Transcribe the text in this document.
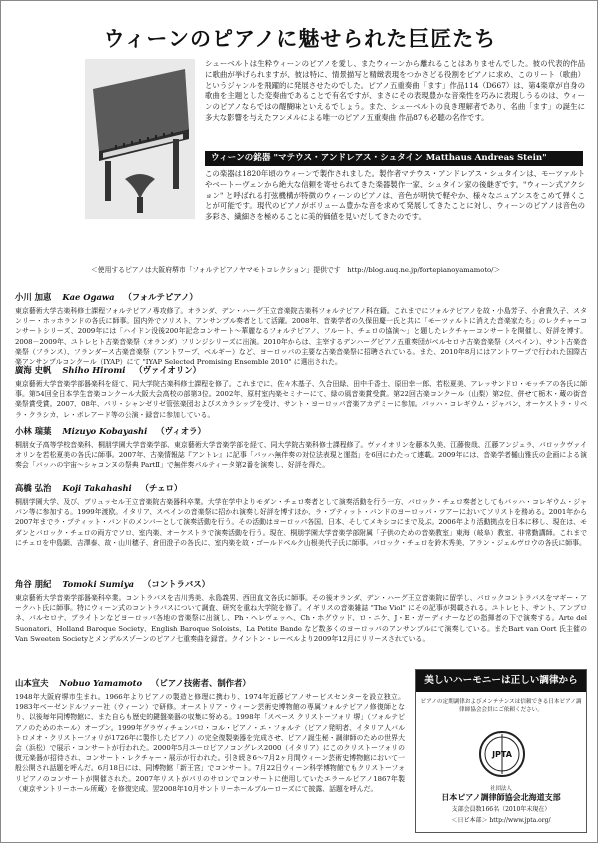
ウィーンのピアノに魅せられた巨匠たち
シューベルトは生粋ウィーンのピアノを愛し、またウィーンから離れることはありませんでした。彼の代表的作品に歌曲が挙げられますが、彼は特に、情景描写と精緻表現をつかさどる役割をピアノに求め、このリート（歌曲）というジャンルを飛躍的に発展させたのでした。ピアノ五重奏曲「ます」作品114（D667）は、第4楽章が自身の歌曲を主題とした変奏曲であることで有名ですが、まさにその表現豊かな音楽性を巧みに表現しうるのは、ウィーンのピアノならではの醍醐味といえるでしょう。また、シューベルトの良き理解者であり、名曲「ます」の誕生に多大な影響を与えたフンメルによる唯一のピアノ五重奏曲 作品87も必聴の名作です。
ウィーンの銘器 "マテウス・アンドレアス・シュタイン Matthaus Andreas Stein"
この楽器は1820年頃のウィーンで製作されました。製作者マテウス・アンドレアス・シュタインは、モーツァルトやベートーヴェンから絶大な信頼を寄せられてきた楽器製作一家、シュタイン家の後継ぎです。"ウィーン式アクション" と呼ばれる打弦機構が特徴のウィーンのピアノは、音色が明快で軽やか、様々なニュアンスをこめて弾くことが可能です。現代のピアノがボリューム豊かな音を求めて発展してきたことに対し、ウィーンのピアノは音色の多彩さ、繊細さを極めることに美的価値を見いだしてきたのです。
＜使用するピアノは大阪府堺市「フォルテピアノヤマモトコレクション」提供です　http://blog.auq.ne.jp/fortepianoyamamoto/＞
小川 加恵 Kae Ogawa （フォルテピアノ）
東京藝術大学古楽科修士課程フォルテピアノ専攻修了。オランダ、デン・ハーグ王立音楽院古楽科フォルテピアノ科在籍。これまでにフォルテピアノを故・小島芳子、小倉貴久子、スタンリー・ホッホランドの各氏に師事。国内外でソリスト、アンサンブル奏者として活躍。2008年、音楽学者の久保田慶一氏と共に「モーツァルトに消えた音楽家たち」のレクチャーコンサートシリーズ、2009年には「ハイドン没後200年記念コンサート～華麗なるフォルテピアノ、フルート、チェロの協演～」と題したレクチャーコンサートを開催し、好評を博す。2008－2009年、ユトレヒト古楽音楽祭（オランダ）フリンジシリーズに出演。2010年からは、主宰するデンハーグピアノ五重奏団がベルセロナ古楽音楽祭（スペイン）、サント古楽音楽祭（フランス）、フランダース古楽音楽祭（アントワープ、ベルギー）など、ヨーロッパの主要な古楽音楽祭に招聘されている。また、2010年8月にはアントワープで行われた国際古楽アンサンブルコンクール（IYAP）にて "IYAP Selected Promising Ensemble 2010" に選出された。
廣海 史帆 Shiho Hiromi （ヴァイオリン）
東京藝術大学音楽学部器楽科を経て、同大学院古楽科修士課程を修了。これまでに、佐々木基子、久合田緑、田中千香士、原田幸一郎、若松夏美、アレッサンドロ・モッチアの各氏に師事。第54回全日本学生音楽コンクール大阪大会高校の部第3位。2002年、原村室内楽セミナーにて、緑の風音楽賞受賞。第22回古楽コンクール（山梨）第2位、併せて栃木・蔵の街音楽祭賞受賞。2007、08年、パリ・シャンゼリゼ管弦楽団およびスカラシップを受け、サント・ヨーロッパ音楽アカデミーに参加。バッハ・コレギウム・ジャパン、オーケストラ・リベラ・クラシカ、レ・ボレアード等の公演・録音に参加している。
小林 瑞葉 Mizuyo Kobayashi （ヴィオラ）
桐朋女子高等学校音楽科、桐朋学園大学音楽学部、東京藝術大学音楽学部を経て、同大学院古楽科修士課程修了。ヴァイオリンを藤本久美、江藤俊哉、江藤アンジェラ、バロックヴァイオリンを若松夏美の各氏に師事。2007年、古楽情報誌『アントレ』に記事「バッハ無伴奏の対位法表現と運指」を6回にわたって連載。2009年には、音楽学者樋山雅氏の企画による演奏会「バッハの宇宙～シャコンヌの祭典 PartⅡ」で無伴奏パルティータ第2番を演奏し、好評を得た。
高橋 弘治 Koji Takahashi （チェロ）
桐朋学園大学、及び、ブリュッセル王立音楽院古楽器科卒業。大学在学中よりモダン・チェロ奏者として演奏活動を行う一方、バロック・チェロ奏者としてもバッハ・コレギウム・ジャパン等に参加する。1999年渡欧。イタリア、スペインの音楽祭に招かれ演奏し好評を博すほか、ラ・プティット・バンドのヨーロッパ・ツアーにおいてソリストを務める。2001年から2007年までラ・プティット・バンドのメンバーとして演奏活動を行う。その活動はヨーロッパ各国、日本、そしてメキシコにまで及ぶ。2006年より活動拠点を日本に移し、現在は、モダンとバロック・チェロの両方でソロ、室内楽、オーケストラで演奏活動を行う。現在、桐朋学園大学音楽学部附属「子供のための音楽教室」東海（岐阜）教室、非常勤講師。これまでにチェロを中島顕、吉澤泰、故・山川穂子、倉田澄子の各氏に、室内楽を故・ゴールドベルク山根美代子氏に師事。バロック・チェロを鈴木秀美、アラン・ジェルヴロウの各氏に師事。
角谷 朋紀 Tomoki Sumiya （コントラバス）
東京藝術大学音楽学部器楽科卒業。コントラバスを吉川秀美、永島義男、西田直文各氏に師事。その後オランダ、デン・ハーグ王立音楽院に留学し、バロックコントラバスをマギー・アークハト氏に師事。特にウィーン式のコントラバスについて調査、研究を重ね大学院を修了。イギリスの音楽雑誌 "The Viol" にその記事が掲載される。ユトレヒト、サント、アンブロネ、バルセロナ、ブライトンなどヨーロッパ各地の音楽祭に出演し、Ph・ヘレヴェッヘ、Ch・ホグウッド、ロ・ニケ、J・E・ガーディナーなどの指揮者の下で演奏する。Arte del Suonatori、Holland Baroque Society、English Baroque Soloists、La Petite Bande など数多くのヨーロッパのアンサンブルにて演奏している。またBart van Oort 氏主催のVan Sweeten Societyとメンデルスゾーンのピアノ七重奏曲を録音。クイントン・レーベルより2009年12月にリリースされている。
山本宣夫 Nobuo Yamamoto （ピアノ技術者、制作者）
1948年大阪府堺市生まれ。1966年よりピアノの製造と修理に携わり、1974年近藤ピアノサービスセンターを設立独立。1983年ベーゼンドルファー社（ウィーン）で研修。オーストリア・ウィーン芸術史博物館の専属フォルテピアノ修復師となり、以後毎年同博物館に、また自らも歴史的鍵盤楽器の収集に努める。1998年「スペース クリストーフォリ 堺」（フォルテピアノのためのホール）オープン。1999年グラヴィチェンバロ・コル・ピアノ・エ・フォルテ（ピアノ発明者、イタリア人バルトロメオ・クリストーフォリが1726年に製作したピアノ）の完全復製楽器を完成させ、ピアノ誕生秘・調律師のための世界大会（浜松）で展示・コンサートが行われた。2000年5月ユーロピアノコングレス2000（イタリア）にこのクリストーフォリの復元楽器が招待され、コンサート・レクチャー・展示が行われた。引き続き6～7月2ヶ月間ウィーン芸術史博物館において一般公開され話題を呼んだ。6月18日には、同博物館「新王宮」でコンサート。7月22日ウィーン科学博物館でもクリストーフォリピアノのコンサートが開催された。2007年リストがパリのサロンでコンサートに使用していたエラールピアノ1867年製（東京サントリーホール所蔵）を修復完成。翌2008年10月サントリーホールブルーローズにて披露、話題を呼んだ。
美しいハーモニーは正しい調律から
ピアノの定期調律およびメンテナンスは信頼できる日本ピアノ調律師協会会員にご依頼ください。
JPTA
社団法人
日本ピアノ調律師協会北海道支部
支部会員数166名（2010年末現在）
＜日ピ本部＞ http://www.jpta.org/
